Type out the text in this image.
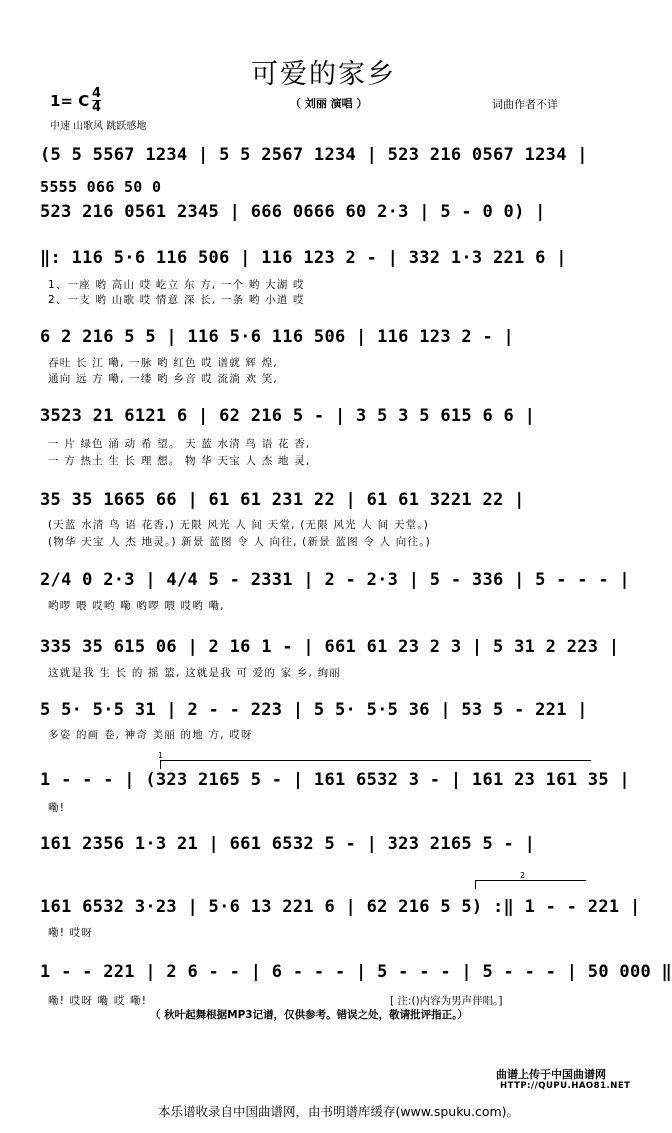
可爱的家乡
1= C 4
4	（ 刘丽 演唱 ）	词曲作者不详
中速 山歌风 跳跃感地
(5 5 5567 1234 | 5 5 2567 1234 | 523 216 0567 1234 |
5555 066 50 0
523 216 0561 2345 | 666 0666 60 2·3 | 5 - 0 0) |
‖: 116 5·6 116 506 | 116 123 2 - | 332 1·3 221 6 |
1、一座 哟 高山 哎 屹立 东 方, 一个 哟 大湖 哎
2、一支 哟 山歌 哎 情意 深 长, 一条 哟 小道 哎
6 2 216 5 5 | 116 5·6 116 506 | 116 123 2 - |
吞吐 长 江 嘞, 一脉 哟 红色 哎 谱就 辉 煌,
通向 远 方 嘞, 一缕 哟 乡音 哎 流淌 欢 笑,
3523 21 6121 6 | 62 216 5 - | 3 5 3 5 615 6 6 |
一 片 绿色 涌 动 希 望。 天 蓝 水清 鸟 语 花 香,
一 方 热土 生 长 理 想。 物 华 天宝 人 杰 地 灵,
35 35 1665 66 | 61 61 231 22 | 61 61 3221 22 |
(天蓝 水清 鸟 语 花香,) 无限 风光 人 间 天堂, (无限 风光 人 间 天堂。)
(物华 天宝 人 杰 地灵。) 新景 蓝图 令 人 向往, (新景 蓝图 令 人 向往。)
2/4 0 2·3 | 4/4 5 - 2331 | 2 - 2·3 | 5 - 336 | 5 - - - |
哟啰 喂 哎哟 嘞 哟啰 喂 哎哟 嘞,
335 35 615 06 | 2 16 1 - | 661 61 23 2 3 | 5 31 2 223 |
这就是我 生 长 的 摇 篮, 这就是我 可 爱的 家 乡, 绚丽
5 5· 5·5 31 | 2 - - 223 | 5 5· 5·5 36 | 53 5 - 221 |
多姿 的画 卷, 神奇 美丽 的地 方, 哎呀
1
1 - - - | (323 2165 5 - | 161 6532 3 - | 161 23 161 35 |
嘞!
161 2356 1·3 21 | 661 6532 5 - | 323 2165 5 - |
2
161 6532 3·23 | 5·6 13 221 6 | 62 216 5 5) :‖ 1 - - 221 |
嘞! 哎呀
1 - - 221 | 2 6 - - | 6 - - - | 5 - - - | 5 - - - | 50 000 ‖
嘞! 哎呀 嘞 哎 嘞!	[ 注:()内容为男声伴唱。]
（ 秋叶起舞根据MP3记谱，仅供参考。错误之处，敬请批评指正。）
曲谱上传于中国曲谱网
HTTP://QUPU.HAO81.NET
本乐谱收录自中国曲谱网，由书明谱库缓存(www.spuku.com)。
